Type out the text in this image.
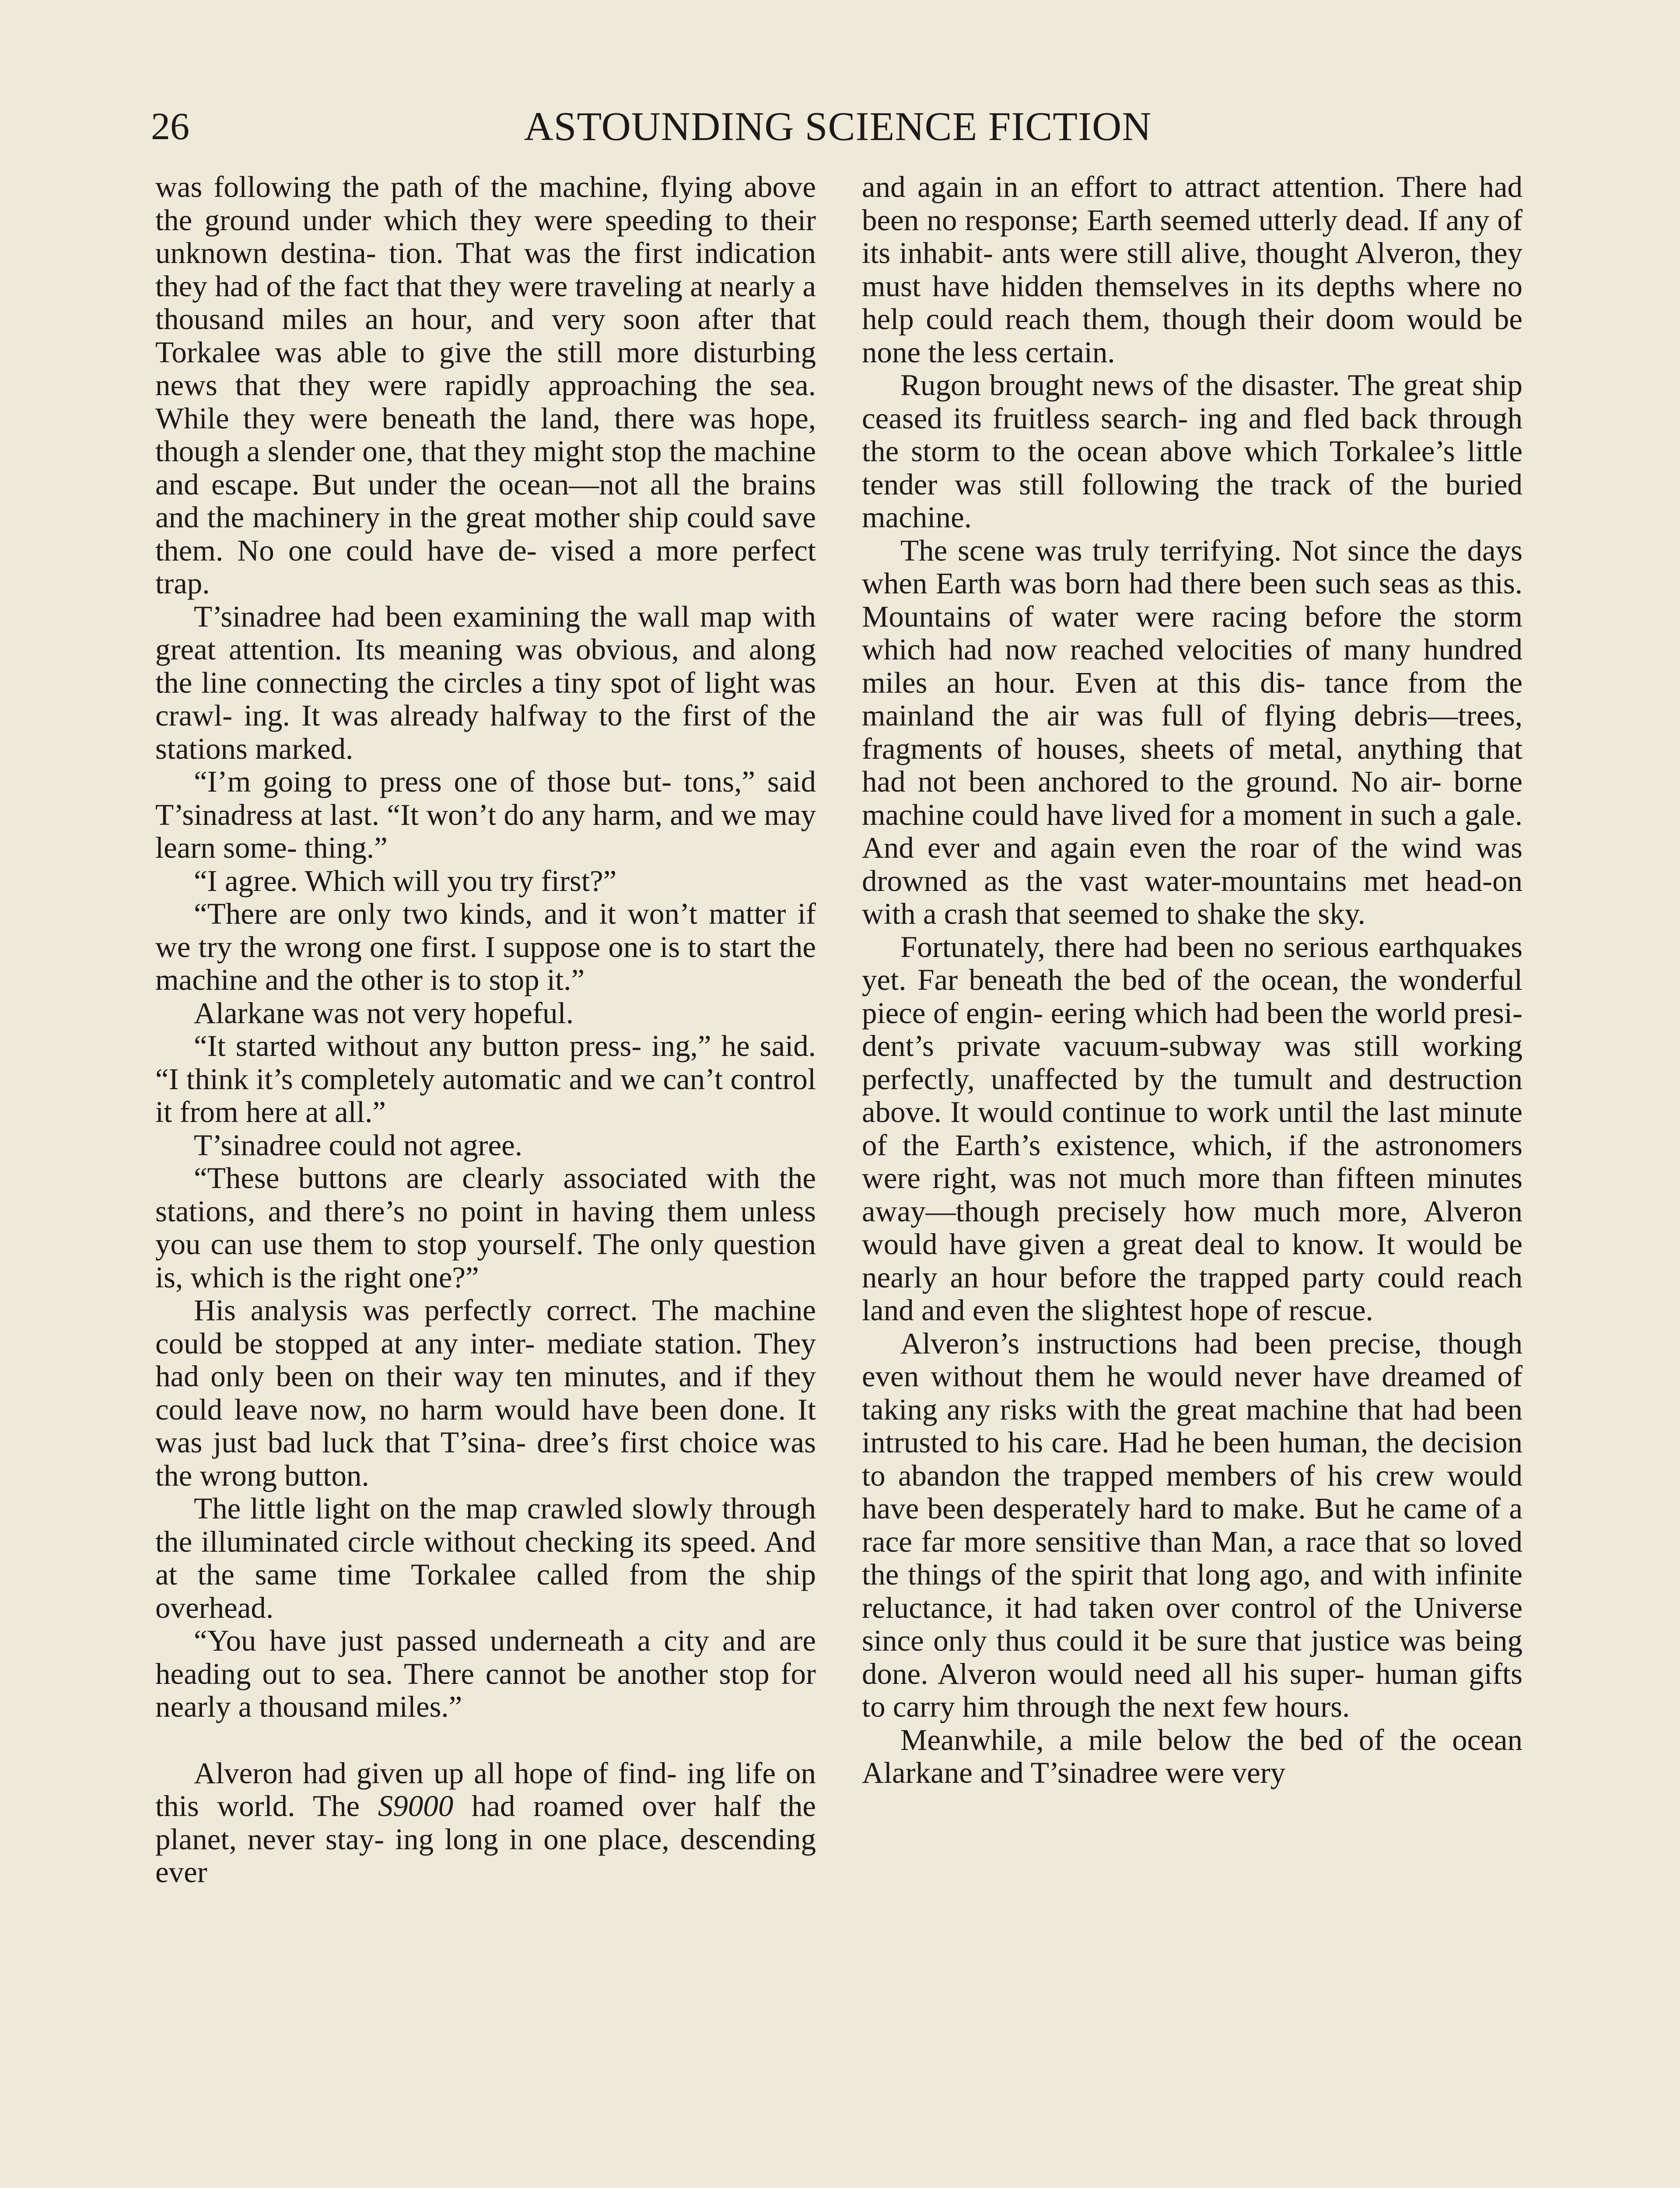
26	ASTOUNDING SCIENCE FICTION

was following the path of the machine, flying above the ground under which they were speeding to their unknown destina- tion. That was the first indication they had of the fact that they were traveling at nearly a thousand miles an hour, and very soon after that Torkalee was able to give the still more disturbing news that they were rapidly approaching the sea. While they were beneath the land, there was hope, though a slender one, that they might stop the machine and escape. But under the ocean—not all the brains and the machinery in the great mother ship could save them. No one could have de- vised a more perfect trap.

T’sinadree had been examining the wall map with great attention. Its meaning was obvious, and along the line connecting the circles a tiny spot of light was crawl- ing. It was already halfway to the first of the stations marked.

“I’m going to press one of those but- tons,” said T’sinadress at last. “It won’t do any harm, and we may learn some- thing.”

“I agree. Which will you try first?”

“There are only two kinds, and it won’t matter if we try the wrong one first. I suppose one is to start the machine and the other is to stop it.”

Alarkane was not very hopeful.

“It started without any button press- ing,” he said. “I think it’s completely automatic and we can’t control it from here at all.”

T’sinadree could not agree.

“These buttons are clearly associated with the stations, and there’s no point in having them unless you can use them to stop yourself. The only question is, which is the right one?”

His analysis was perfectly correct. The machine could be stopped at any inter- mediate station. They had only been on their way ten minutes, and if they could leave now, no harm would have been done. It was just bad luck that T’sina- dree’s first choice was the wrong button.

The little light on the map crawled slowly through the illuminated circle without checking its speed. And at the same time Torkalee called from the ship overhead.

“You have just passed underneath a city and are heading out to sea. There cannot be another stop for nearly a thousand miles.”

Alveron had given up all hope of find- ing life on this world. The S9000 had roamed over half the planet, never stay- ing long in one place, descending ever

and again in an effort to attract attention. There had been no response; Earth seemed utterly dead. If any of its inhabit- ants were still alive, thought Alveron, they must have hidden themselves in its depths where no help could reach them, though their doom would be none the less certain.

Rugon brought news of the disaster. The great ship ceased its fruitless search- ing and fled back through the storm to the ocean above which Torkalee’s little tender was still following the track of the buried machine.

The scene was truly terrifying. Not since the days when Earth was born had there been such seas as this. Mountains of water were racing before the storm which had now reached velocities of many hundred miles an hour. Even at this dis- tance from the mainland the air was full of flying debris—trees, fragments of houses, sheets of metal, anything that had not been anchored to the ground. No air- borne machine could have lived for a moment in such a gale. And ever and again even the roar of the wind was drowned as the vast water-mountains met head-on with a crash that seemed to shake the sky.

Fortunately, there had been no serious earthquakes yet. Far beneath the bed of the ocean, the wonderful piece of engin- eering which had been the world presi- dent’s private vacuum-subway was still working perfectly, unaffected by the tumult and destruction above. It would continue to work until the last minute of the Earth’s existence, which, if the astronomers were right, was not much more than fifteen minutes away—though precisely how much more, Alveron would have given a great deal to know. It would be nearly an hour before the trapped party could reach land and even the slightest hope of rescue.

Alveron’s instructions had been precise, though even without them he would never have dreamed of taking any risks with the great machine that had been intrusted to his care. Had he been human, the decision to abandon the trapped members of his crew would have been desperately hard to make. But he came of a race far more sensitive than Man, a race that so loved the things of the spirit that long ago, and with infinite reluctance, it had taken over control of the Universe since only thus could it be sure that justice was being done. Alveron would need all his super- human gifts to carry him through the next few hours.

Meanwhile, a mile below the bed of the ocean Alarkane and T’sinadree were very
